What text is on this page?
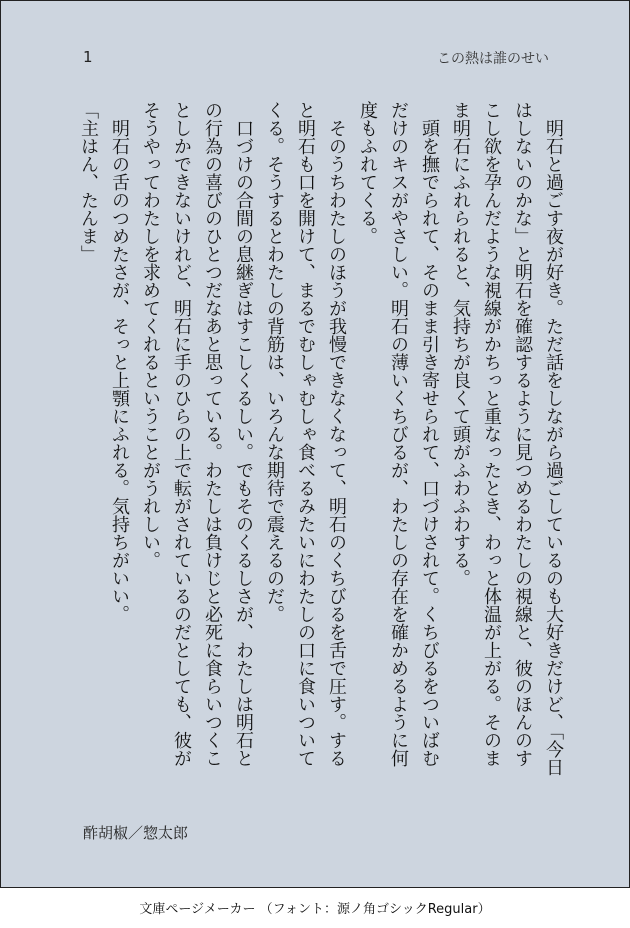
1	この熱は誰のせい

　明石と過ごす夜が好き。ただ話をしながら過ごしているのも大好きだけど、「今日はしないのかな」と明石を確認するように見つめるわたしの視線と、彼のほんのすこし欲を孕んだような視線がかちっと重なったとき、わっと体温が上がる。そのまま明石にふれられると、気持ちが良くて頭がふわふわする。

　頭を撫でられて、そのまま引き寄せられて、口づけされて。くちびるをついばむだけのキスがやさしい。明石の薄いくちびるが、わたしの存在を確かめるように何度もふれてくる。

　そのうちわたしのほうが我慢できなくなって、明石のくちびるを舌で圧す。すると明石も口を開けて、まるでむしゃむしゃ食べるみたいにわたしの口に食いついてくる。そうするとわたしの背筋は、いろんな期待で震えるのだ。

　口づけの合間の息継ぎはすこしくるしい。でもそのくるしさが、わたしは明石との行為の喜びのひとつだなあと思っている。わたしは負けじと必死に食らいつくことしかできないけれど、明石に手のひらの上で転がされているのだとしても、彼がそうやってわたしを求めてくれるということがうれしい。

　明石の舌のつめたさが、そっと上顎にふれる。気持ちがいい。

「主はん、たんま」

酢胡椒／惣太郎
文庫ページメーカー （フォント：源ノ角ゴシックRegular）
